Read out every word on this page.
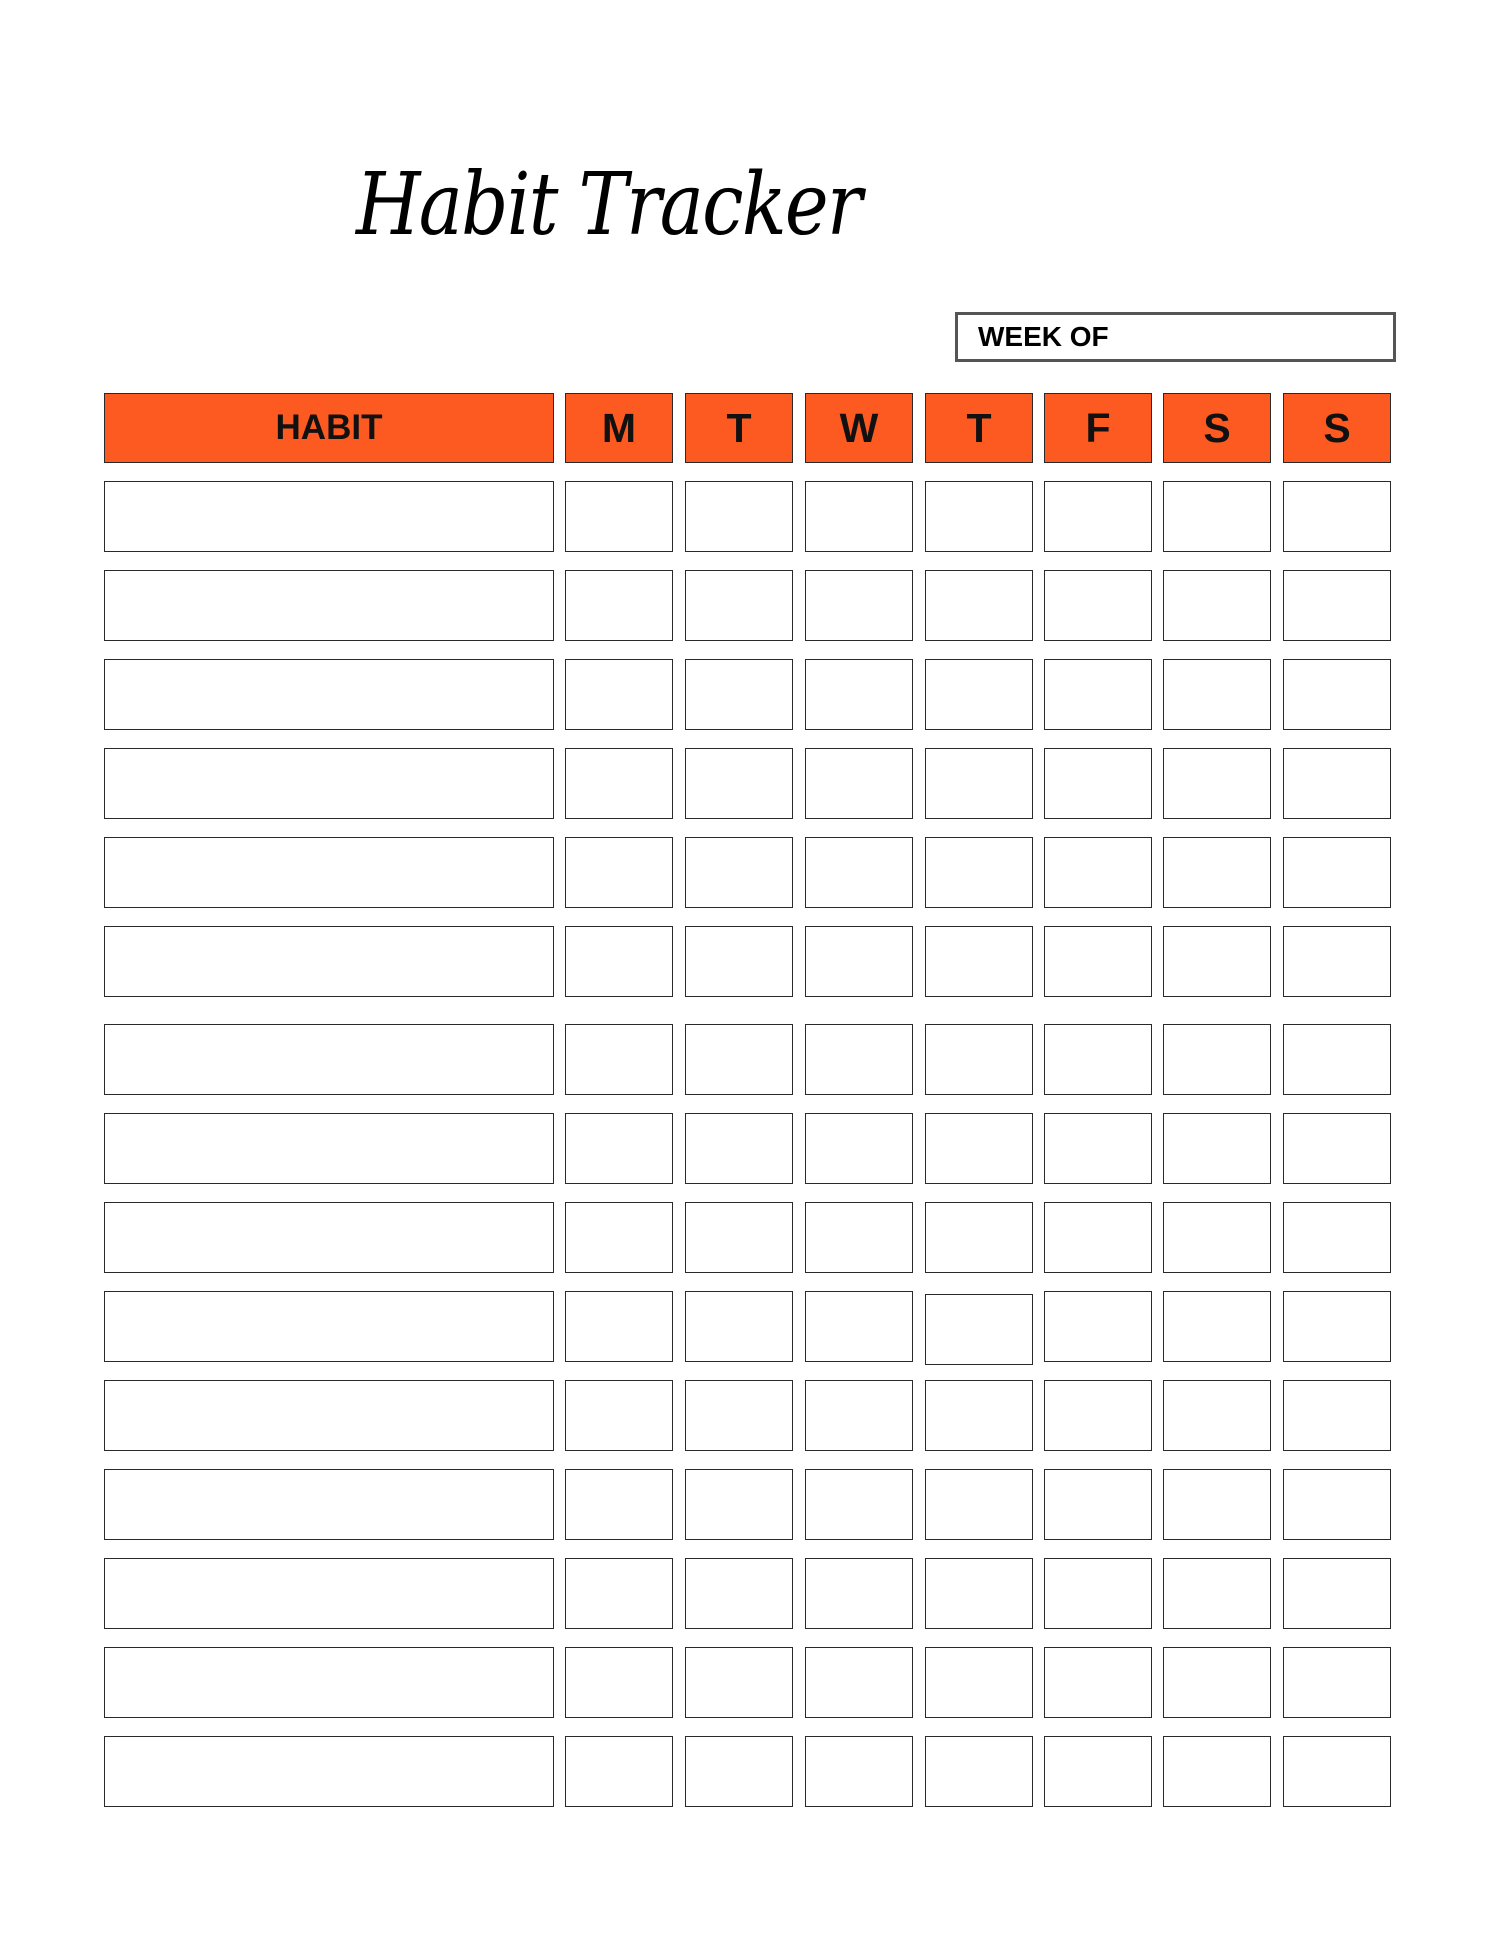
Habit Tracker
WEEK OF
HABIT	M	T	W	T	F	S	S
